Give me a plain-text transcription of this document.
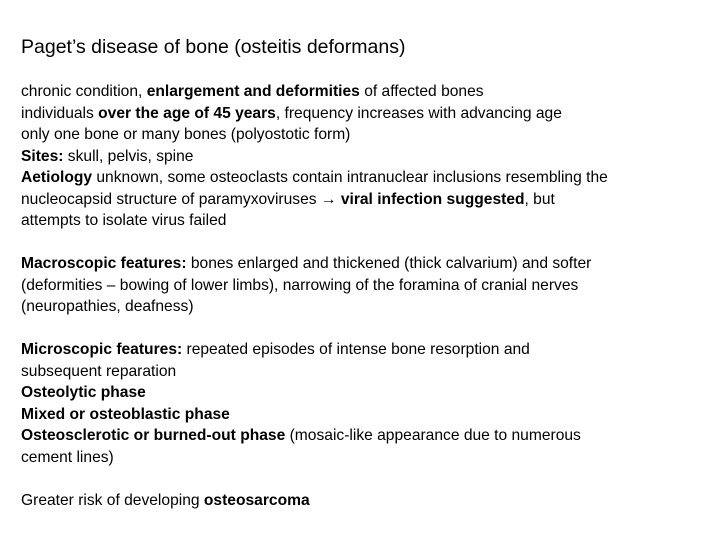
Paget’s disease of bone (osteitis deformans)
chronic condition, enlargement and deformities of affected bones
individuals over the age of 45 years, frequency increases with advancing age
only one bone or many bones (polyostotic form)
Sites: skull, pelvis, spine
Aetiology unknown, some osteoclasts contain intranuclear inclusions resembling the
nucleocapsid structure of paramyxoviruses → viral infection suggested, but
attempts to isolate virus failed
Macroscopic features: bones enlarged and thickened (thick calvarium) and softer
(deformities – bowing of lower limbs), narrowing of the foramina of cranial nerves
(neuropathies, deafness)
Microscopic features: repeated episodes of intense bone resorption and
subsequent reparation
Osteolytic phase
Mixed or osteoblastic phase
Osteosclerotic or burned-out phase (mosaic-like appearance due to numerous
cement lines)
Greater risk of developing osteosarcoma
